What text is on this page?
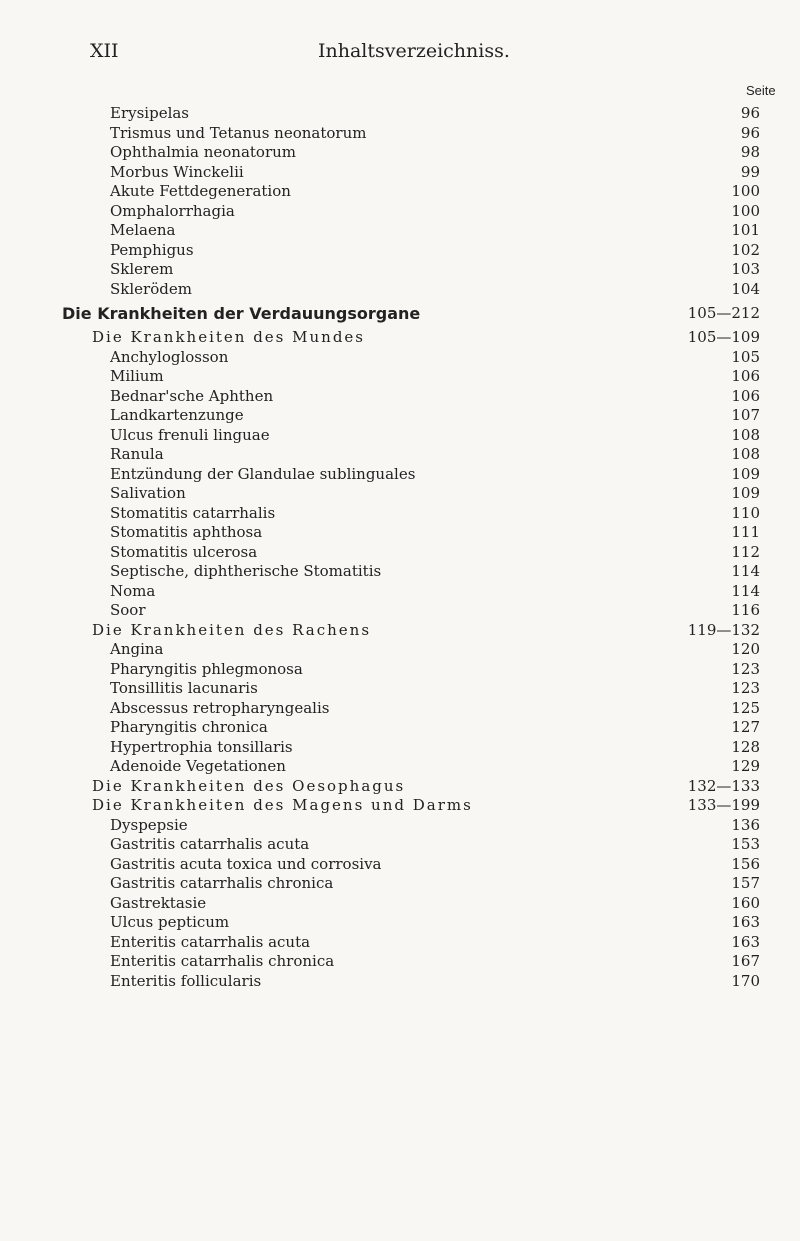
XII	Inhaltsverzeichniss.
Seite
Erysipelas	96
Trismus und Tetanus neonatorum	96
Ophthalmia neonatorum	98
Morbus Winckelii	99
Akute Fettdegeneration	100
Omphalorrhagia	100
Melaena	101
Pemphigus	102
Sklerem	103
Sklerödem	104
Die Krankheiten der Verdauungsorgane	105—212
Die Krankheiten des Mundes	105—109
Anchyloglosson	105
Milium	106
Bednar'sche Aphthen	106
Landkartenzunge	107
Ulcus frenuli linguae	108
Ranula	108
Entzündung der Glandulae sublinguales	109
Salivation	109
Stomatitis catarrhalis	110
Stomatitis aphthosa	111
Stomatitis ulcerosa	112
Septische, diphtherische Stomatitis	114
Noma	114
Soor	116
Die Krankheiten des Rachens	119—132
Angina	120
Pharyngitis phlegmonosa	123
Tonsillitis lacunaris	123
Abscessus retropharyngealis	125
Pharyngitis chronica	127
Hypertrophia tonsillaris	128
Adenoide Vegetationen	129
Die Krankheiten des Oesophagus	132—133
Die Krankheiten des Magens und Darms	133—199
Dyspepsie	136
Gastritis catarrhalis acuta	153
Gastritis acuta toxica und corrosiva	156
Gastritis catarrhalis chronica	157
Gastrektasie	160
Ulcus pepticum	163
Enteritis catarrhalis acuta	163
Enteritis catarrhalis chronica	167
Enteritis follicularis	170
